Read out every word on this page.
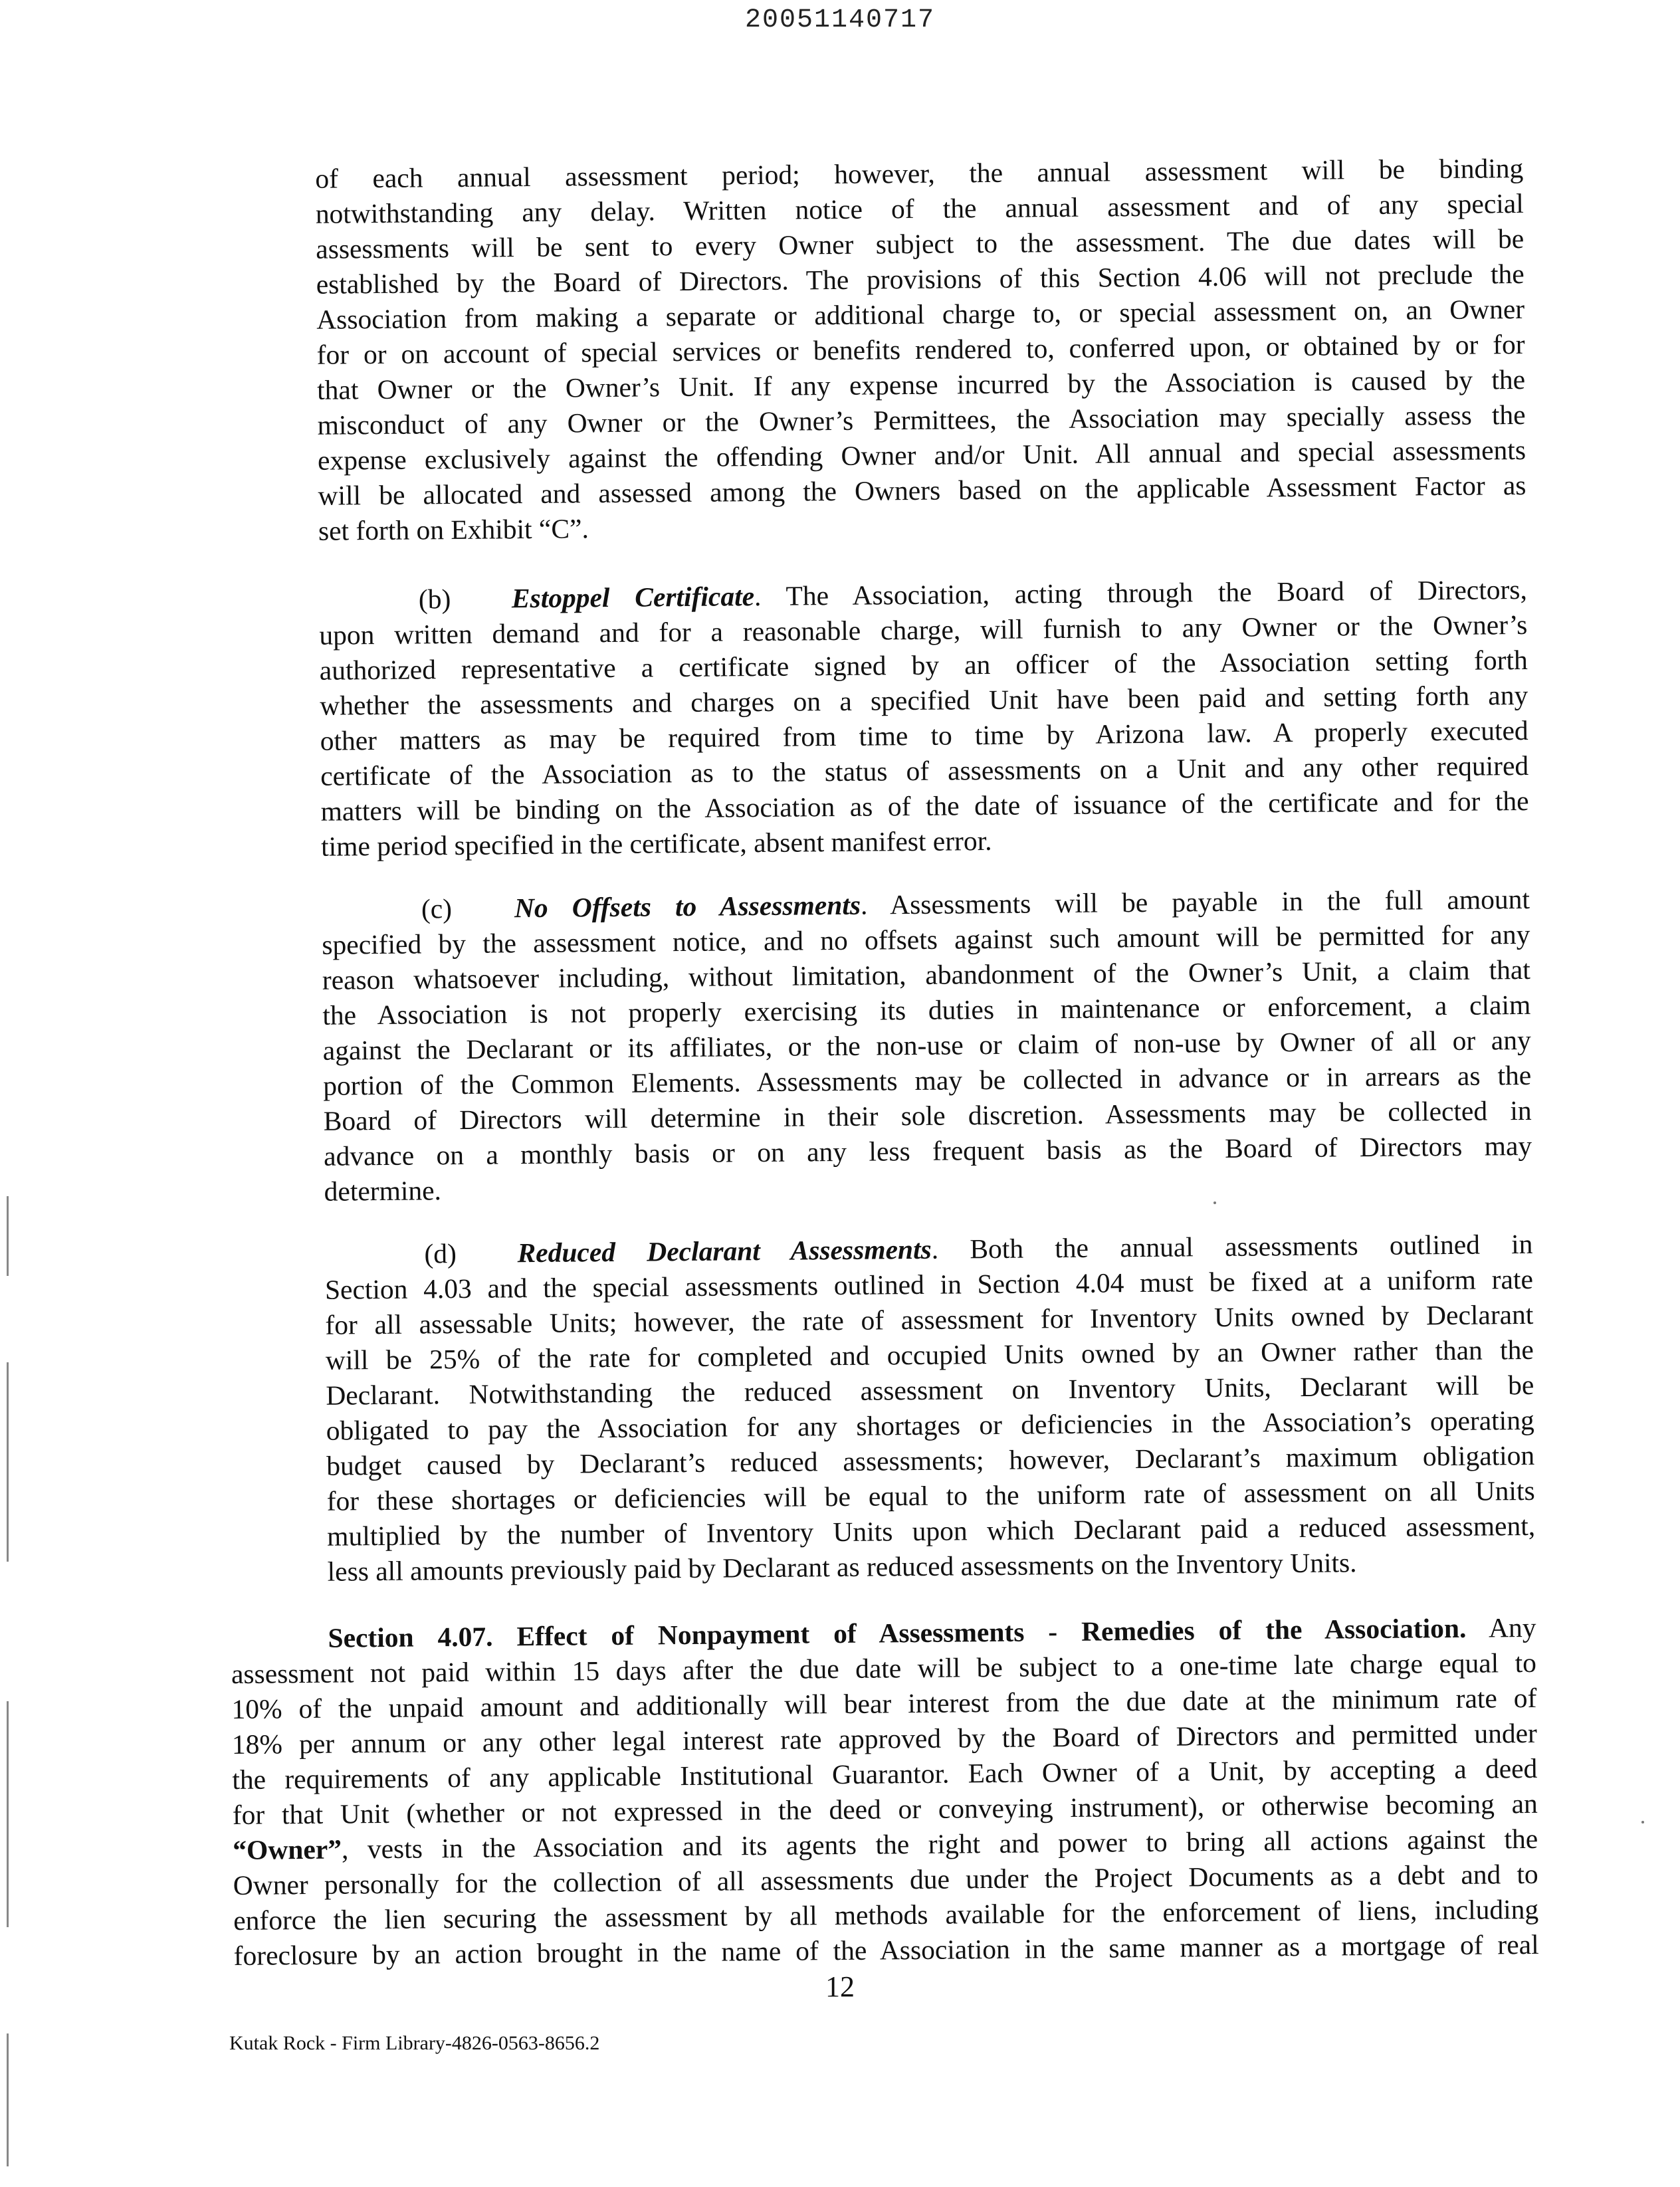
20051140717
of each annual assessment period; however, the annual assessment will be binding
notwithstanding any delay. Written notice of the annual assessment and of any special
assessments will be sent to every Owner subject to the assessment. The due dates will be
established by the Board of Directors. The provisions of this Section 4.06 will not preclude the
Association from making a separate or additional charge to, or special assessment on, an Owner
for or on account of special services or benefits rendered to, conferred upon, or obtained by or for
that Owner or the Owner’s Unit. If any expense incurred by the Association is caused by the
misconduct of any Owner or the Owner’s Permittees, the Association may specially assess the
expense exclusively against the offending Owner and/or Unit. All annual and special assessments
will be allocated and assessed among the Owners based on the applicable Assessment Factor as
set forth on Exhibit “C”.
(b) Estoppel Certificate. The Association, acting through the Board of Directors,
upon written demand and for a reasonable charge, will furnish to any Owner or the Owner’s
authorized representative a certificate signed by an officer of the Association setting forth
whether the assessments and charges on a specified Unit have been paid and setting forth any
other matters as may be required from time to time by Arizona law. A properly executed
certificate of the Association as to the status of assessments on a Unit and any other required
matters will be binding on the Association as of the date of issuance of the certificate and for the
time period specified in the certificate, absent manifest error.
(c) No Offsets to Assessments. Assessments will be payable in the full amount
specified by the assessment notice, and no offsets against such amount will be permitted for any
reason whatsoever including, without limitation, abandonment of the Owner’s Unit, a claim that
the Association is not properly exercising its duties in maintenance or enforcement, a claim
against the Declarant or its affiliates, or the non-use or claim of non-use by Owner of all or any
portion of the Common Elements. Assessments may be collected in advance or in arrears as the
Board of Directors will determine in their sole discretion. Assessments may be collected in
advance on a monthly basis or on any less frequent basis as the Board of Directors may
determine.
(d) Reduced Declarant Assessments. Both the annual assessments outlined in
Section 4.03 and the special assessments outlined in Section 4.04 must be fixed at a uniform rate
for all assessable Units; however, the rate of assessment for Inventory Units owned by Declarant
will be 25% of the rate for completed and occupied Units owned by an Owner rather than the
Declarant. Notwithstanding the reduced assessment on Inventory Units, Declarant will be
obligated to pay the Association for any shortages or deficiencies in the Association’s operating
budget caused by Declarant’s reduced assessments; however, Declarant’s maximum obligation
for these shortages or deficiencies will be equal to the uniform rate of assessment on all Units
multiplied by the number of Inventory Units upon which Declarant paid a reduced assessment,
less all amounts previously paid by Declarant as reduced assessments on the Inventory Units.
Section 4.07. Effect of Nonpayment of Assessments - Remedies of the Association. Any
assessment not paid within 15 days after the due date will be subject to a one-time late charge equal to
10% of the unpaid amount and additionally will bear interest from the due date at the minimum rate of
18% per annum or any other legal interest rate approved by the Board of Directors and permitted under
the requirements of any applicable Institutional Guarantor. Each Owner of a Unit, by accepting a deed
for that Unit (whether or not expressed in the deed or conveying instrument), or otherwise becoming an
“Owner”, vests in the Association and its agents the right and power to bring all actions against the
Owner personally for the collection of all assessments due under the Project Documents as a debt and to
enforce the lien securing the assessment by all methods available for the enforcement of liens, including
foreclosure by an action brought in the name of the Association in the same manner as a mortgage of real
12
Kutak Rock - Firm Library-4826-0563-8656.2
